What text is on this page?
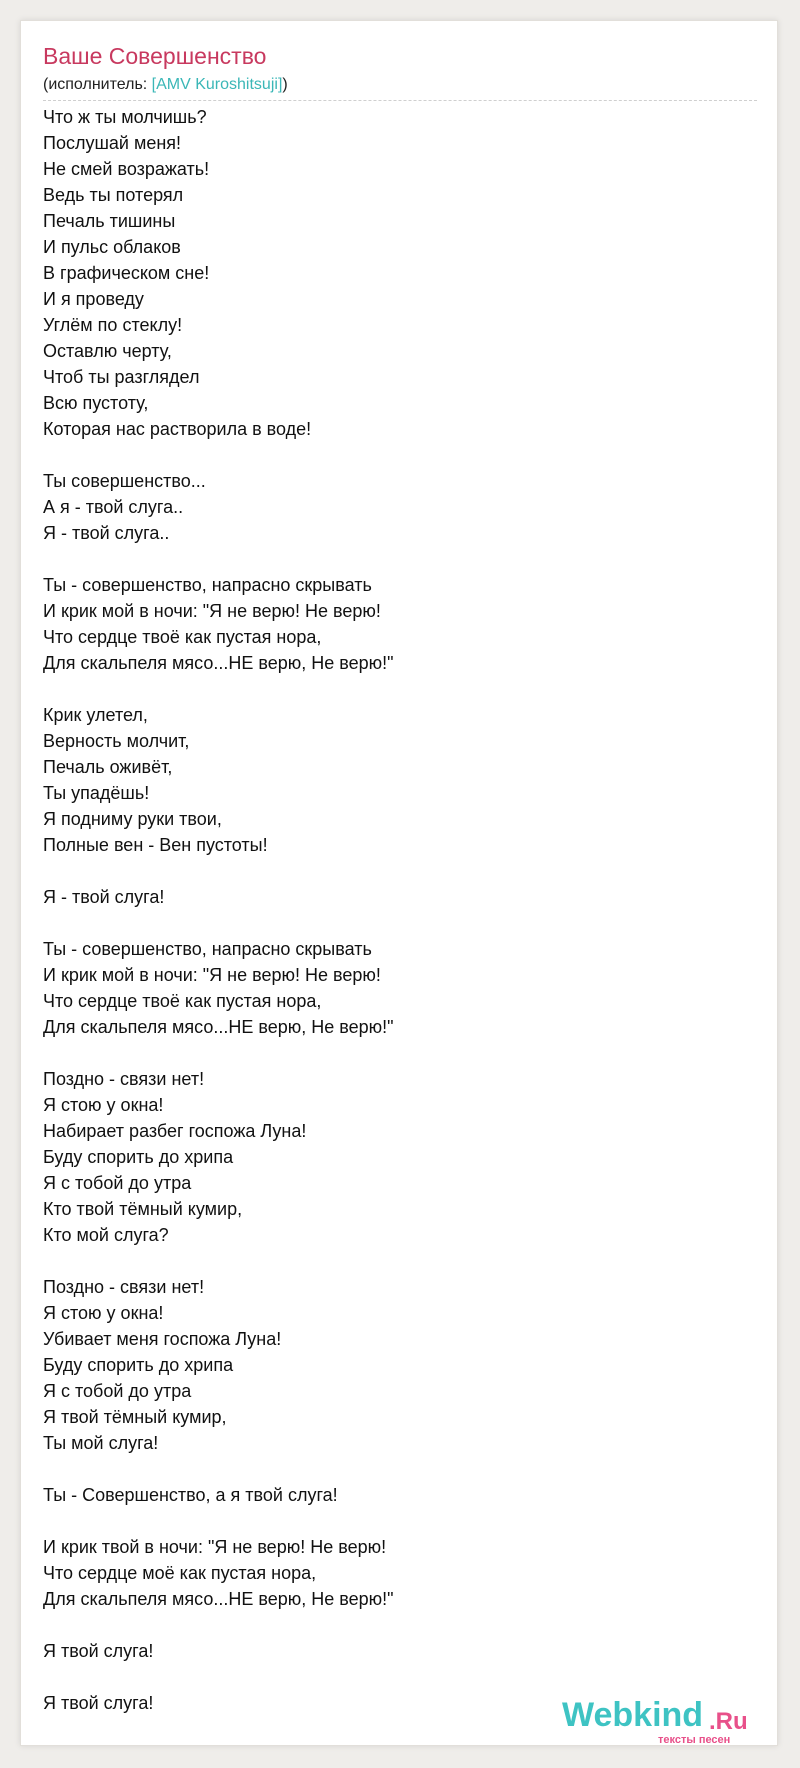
Ваше Совершенство
(исполнитель: [AMV Kuroshitsuji])
Что ж ты молчишь?
Послушай меня!
Не смей возражать!
Ведь ты потерял
Печаль тишины
И пульс облаков
В графическом сне!
И я проведу
Углём по стеклу!
Оставлю черту,
Чтоб ты разглядел
Всю пустоту,
Которая нас растворила в воде!
Ты совершенство...
А я - твой слуга..
Я - твой слуга..
Ты - совершенство, напрасно скрывать
И крик мой в ночи: "Я не верю! Не верю!
Что сердце твоё как пустая нора,
Для скальпеля мясо...НЕ верю, Не верю!"
Крик улетел,
Верность молчит,
Печаль оживёт,
Ты упадёшь!
Я подниму руки твои,
Полные вен - Вен пустоты!
Я - твой слуга!
Ты - совершенство, напрасно скрывать
И крик мой в ночи: "Я не верю! Не верю!
Что сердце твоё как пустая нора,
Для скальпеля мясо...НЕ верю, Не верю!"
Поздно - связи нет!
Я стою у окна!
Набирает разбег госпожа Луна!
Буду спорить до хрипа
Я с тобой до утра
Кто твой тёмный кумир,
Кто мой слуга?
Поздно - связи нет!
Я стою у окна!
Убивает меня госпожа Луна!
Буду спорить до хрипа
Я с тобой до утра
Я твой тёмный кумир,
Ты мой слуга!
Ты - Совершенство, а я твой слуга!
И крик твой в ночи: "Я не верю! Не верю!
Что сердце моё как пустая нора,
Для скальпеля мясо...НЕ верю, Не верю!"
Я твой слуга!
Я твой слуга!	Webkind .Ru
тексты песен
